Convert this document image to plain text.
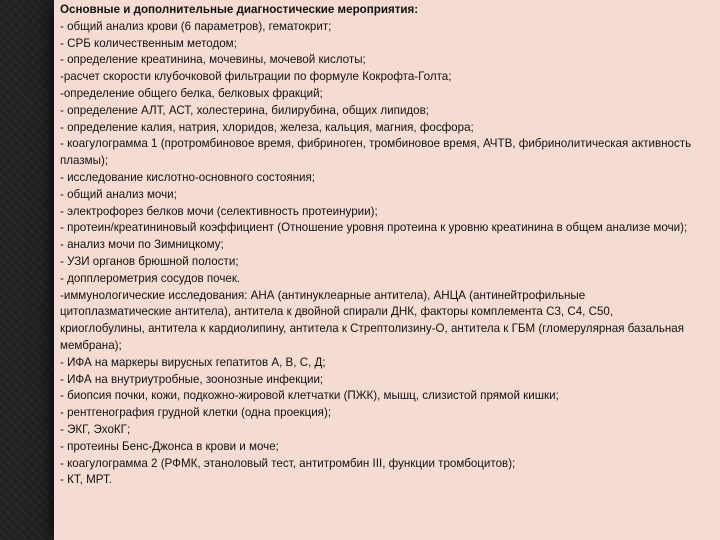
Основные и дополнительные диагностические мероприятия:
- общий анализ крови (6 параметров), гематокрит;
- СРБ количественным методом;
- определение креатинина, мочевины, мочевой кислоты;
-расчет скорости клубочковой фильтрации по формуле Кокрофта-Голта;
-определение общего белка, белковых фракций;
- определение АЛТ, АСТ, холестерина, билирубина, общих липидов;
- определение калия, натрия, хлоридов, железа, кальция, магния, фосфора;
- коагулограмма 1 (протромбиновое время, фибриноген, тромбиновое время, АЧТВ, фибринолитическая активность плазмы);
- исследование кислотно-основного состояния;
- общий анализ мочи;
- электрофорез белков мочи (селективность протеинурии);
- протеин/креатининовый коэффициент (Отношение уровня протеина к уровню креатинина в общем анализе мочи);
- анализ мочи по Зимницкому;
- УЗИ органов брюшной полости;
- допплерометрия сосудов почек.
-иммунологические исследования: АНА (антинуклеарные антитела), АНЦА (антинейтрофильные цитоплазматические антитела), антитела к двойной спирали ДНК, факторы комплемента С3, С4, С50, криоглобулины, антитела к кардиолипину, антитела к Стрептолизину-О, антитела к ГБМ (гломерулярная базальная мембрана);
- ИФА на маркеры вирусных гепатитов А, В, С, Д;
- ИФА на внутриутробные, зоонозные инфекции;
- биопсия почки, кожи, подкожно-жировой клетчатки (ПЖК), мышц, слизистой прямой кишки;
- рентгенография грудной клетки (одна проекция);
- ЭКГ, ЭхоКГ;
- протеины Бенс-Джонса в крови и моче;
- коагулограмма 2 (РФМК, этаноловый тест, антитромбин III, функции тромбоцитов);
- КТ, МРТ.
